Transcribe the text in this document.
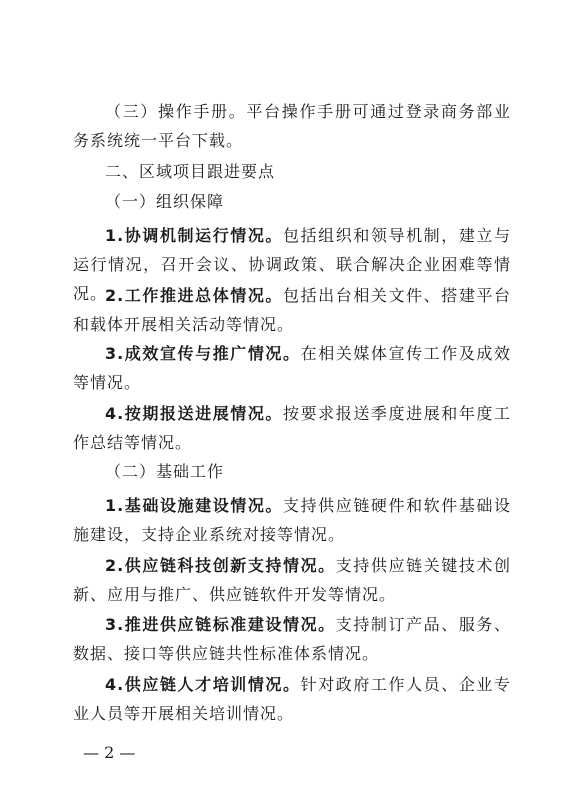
（三）操作手册。平台操作手册可通过登录商务部业务系统统一平台下载。

二、区域项目跟进要点

（一）组织保障

1.协调机制运行情况。包括组织和领导机制，建立与运行情况，召开会议、协调政策、联合解决企业困难等情况。

2.工作推进总体情况。包括出台相关文件、搭建平台和载体开展相关活动等情况。

3.成效宣传与推广情况。在相关媒体宣传工作及成效等情况。

4.按期报送进展情况。按要求报送季度进展和年度工作总结等情况。

（二）基础工作

1.基础设施建设情况。支持供应链硬件和软件基础设施建设，支持企业系统对接等情况。

2.供应链科技创新支持情况。支持供应链关键技术创新、应用与推广、供应链软件开发等情况。

3.推进供应链标准建设情况。支持制订产品、服务、数据、接口等供应链共性标准体系情况。

4.供应链人才培训情况。针对政府工作人员、企业专业人员等开展相关培训情况。

— 2 —
